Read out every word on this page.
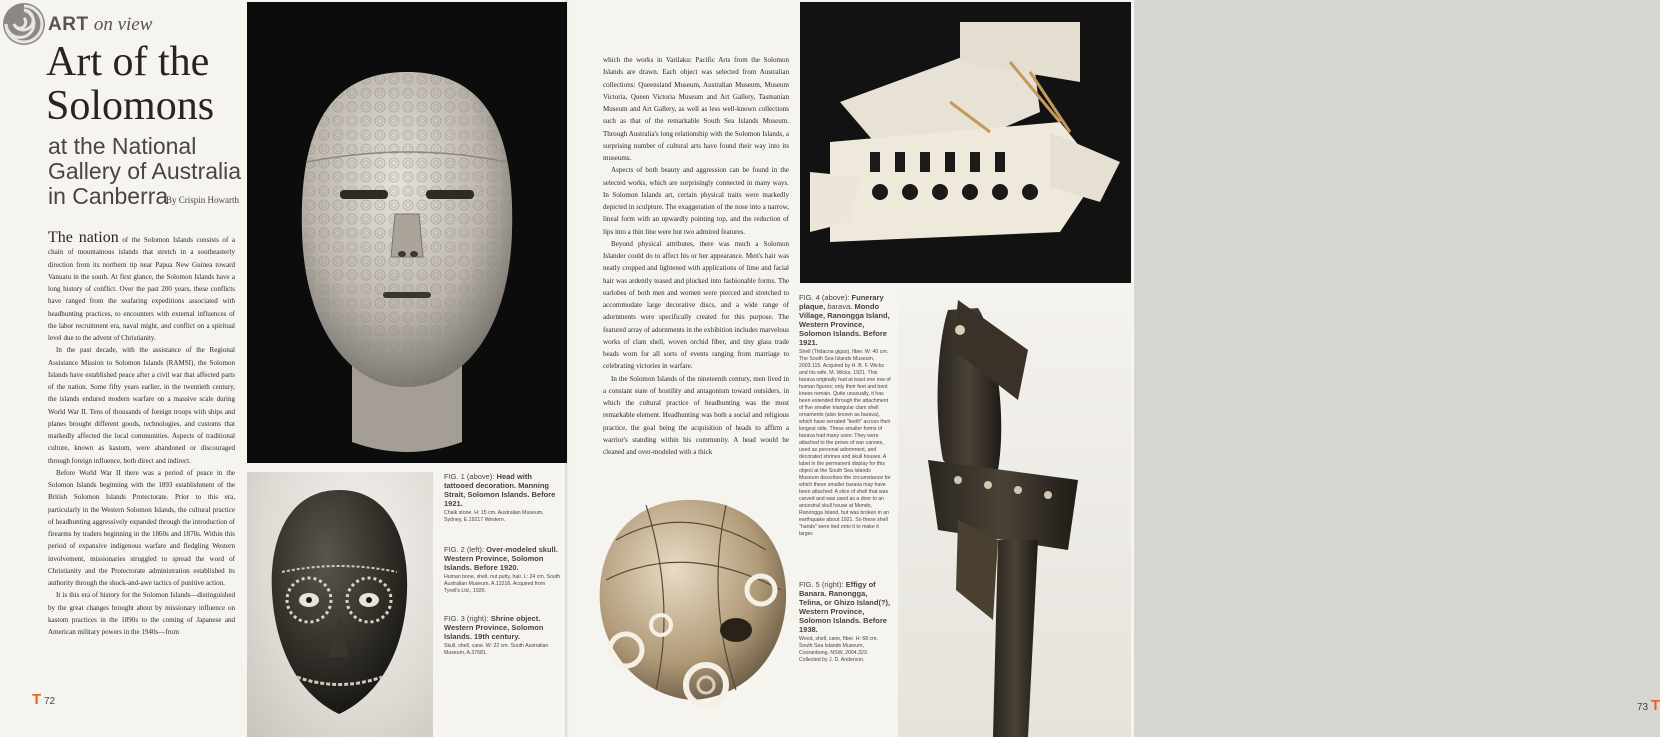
ART on view
Art of the
Solomons
at the National
Gallery of Australia
in Canberra
By Crispin Howarth

The nation of the Solomon Islands consists of a chain of mountainous islands that stretch in a southeasterly direction from its northern tip near Papua New Guinea toward Vanuatu in the south. At first glance, the Solomon Islands have a long history of conflict. Over the past 200 years, these conflicts have ranged from the seafaring expeditions associated with headhunting practices, to encounters with external influences of the labor recruitment era, naval might, and conflict on a spiritual level due to the advent of Christianity.

In the past decade, with the assistance of the Regional Assistance Mission to Solomon Islands (RAMSI), the Solomon Islands have established peace after a civil war that affected parts of the nation. Some fifty years earlier, in the twentieth century, the islands endured modern warfare on a massive scale during World War II. Tens of thousands of foreign troops with ships and planes brought different goods, technologies, and customs that markedly affected the local communities. Aspects of traditional culture, known as kastom, were abandoned or discouraged through foreign influence, both direct and indirect.

Before World War II there was a period of peace in the Solomon Islands beginning with the 1893 establishment of the British Solomon Islands Protectorate. Prior to this era, particularly in the Western Solomon Islands, the cultural practice of headhunting aggressively expanded through the introduction of firearms by traders beginning in the 1860s and 1870s. Within this period of expansive indigenous warfare and fledgling Western involvement, missionaries struggled to spread the word of Christianity and the Protectorate administration established its authority through the shock-and-awe tactics of punitive action.

It is this era of history for the Solomon Islands—distinguished by the great changes brought about by missionary influence on kastom practices in the 1890s to the coming of Japanese and American military powers in the 1940s—from

T 72
FIG. 1 (above): Head with tattooed decoration. Manning Strait, Solomon Islands. Before 1921.
Chalk stone. H: 15 cm. Australian Museum, Sydney, E.19217 Western.
FIG. 2 (left): Over-modeled skull. Western Province, Solomon Islands. Before 1920.
Human bone, shell, nut putty, hair. L: 24 cm. South Australian Museum, A.12216. Acquired from Tyrell's Ltd., 1920.
FIG. 3 (right): Shrine object. Western Province, Solomon Islands. 19th century.
Skull, shell, cane. W: 22 cm. South Australian Museum, A.37681.

which the works in Varilaku: Pacific Arts from the Solomon Islands are drawn. Each object was selected from Australian collections: Queensland Museum, Australian Museum, Museum Victoria, Queen Victoria Museum and Art Gallery, Tasmanian Museum and Art Gallery, as well as less well-known collections such as that of the remarkable South Sea Islands Museum. Through Australia's long relationship with the Solomon Islands, a surprising number of cultural arts have found their way into its museums.

Aspects of both beauty and aggression can be found in the selected works, which are surprisingly connected in many ways. In Solomon Islands art, certain physical traits were markedly depicted in sculpture. The exaggeration of the nose into a narrow, lineal form with an upwardly pointing top, and the reduction of lips into a thin line were but two admired features.

Beyond physical attributes, there was much a Solomon Islander could do to affect his or her appearance. Men's hair was neatly cropped and lightened with applications of lime and facial hair was ardently teased and plucked into fashionable forms. The earlobes of both men and women were pierced and stretched to accommodate large decorative discs, and a wide range of adornments were specifically created for this purpose. The featured array of adornments in the exhibition includes marvelous works of clam shell, woven orchid fiber, and tiny glass trade beads worn for all sorts of events ranging from marriage to celebrating victories in warfare.

In the Solomon Islands of the nineteenth century, men lived in a constant state of hostility and antagonism toward outsiders, in which the cultural practice of headhunting was the most remarkable element. Headhunting was both a social and religious practice, the goal being the acquisition of heads to affirm a warrior's standing within his community. A head would be cleaned and over-modeled with a thick

73 T
FIG. 4 (above): Funerary plaque, barava. Mondo Village, Ranongga Island, Western Province, Solomon Islands. Before 1921.
Shell (Tridacna gigas), fiber. W: 40 cm. The South Sea Islands Museum, 2003.115. Acquired by H. B. F. Wicks and his wife, M. Wicks, 1921. This barava originally had at least one row of human figures; only their feet and bent knees remain. Quite unusually, it has been extended through the attachment of five smaller triangular clam shell ornaments (also known as barava), which have serrated "teeth" across their longest side. These smaller forms of barava had many uses: They were attached to the prows of war canoes, used as personal adornment, and decorated shrines and skull houses. A label in the permanent display for this object at the South Sea Islands Museum describes the circumstance for which these smaller barava may have been attached: A slice of shell that was carved and was used as a door to an ancestral skull house at Mondo, Ranongga Island, but was broken in an earthquake about 1921. So these shell "hands" were tied onto it to make it larger.
FIG. 5 (right): Effigy of Banara. Ranongga, Telina, or Ghizo Island(?), Western Province, Solomon Islands. Before 1938.
Wood, shell, cane, fiber. H: 68 cm. South Sea Islands Museum, Cooranbong, NSW, 2004.323. Collected by J. D. Anderson.
